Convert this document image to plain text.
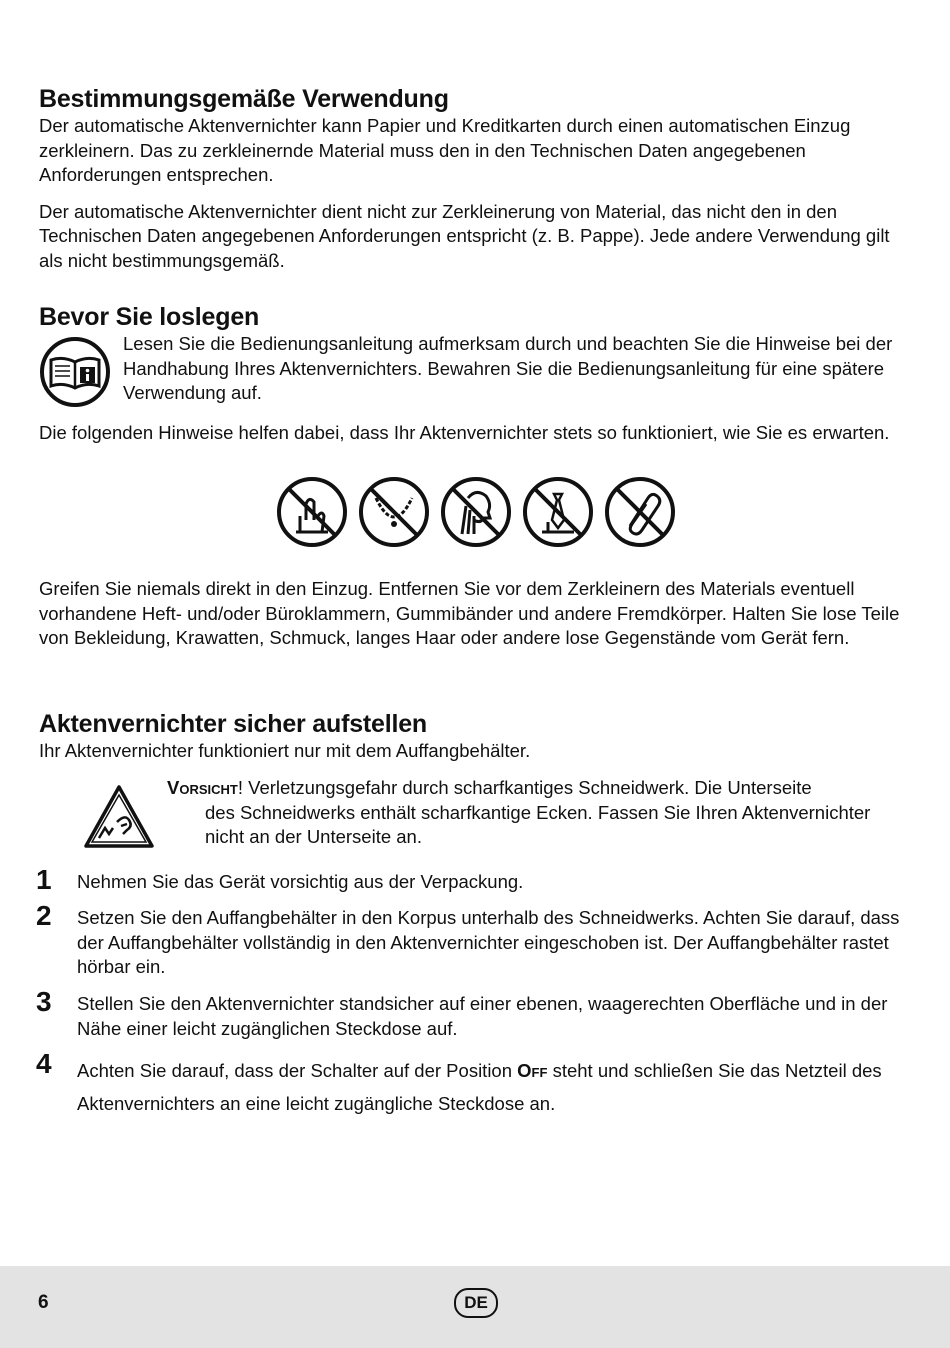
Bestimmungsgemäße Verwendung

Der automatische Aktenvernichter kann Papier und Kreditkarten durch einen automatischen Einzug zerkleinern. Das zu zerkleinernde Material muss den in den Technischen Daten angegebenen Anforderungen entsprechen.

Der automatische Aktenvernichter dient nicht zur Zerkleinerung von Material, das nicht den in den Technischen Daten angegebenen Anforderungen entspricht (z. B. Pappe). Jede andere Verwendung gilt als nicht bestimmungsgemäß.

Bevor Sie loslegen

Lesen Sie die Bedienungsanleitung aufmerksam durch und beachten Sie die Hinweise bei der Handhabung Ihres Aktenvernichters. Bewahren Sie die Bedienungsanleitung für eine spätere Verwendung auf.

Die folgenden Hinweise helfen dabei, dass Ihr Aktenvernichter stets so funktioniert, wie Sie es erwarten.

Greifen Sie niemals direkt in den Einzug. Entfernen Sie vor dem Zerkleinern des Materials eventuell vorhandene Heft- und/oder Büroklammern, Gummibänder und andere Fremdkörper. Halten Sie lose Teile von Bekleidung, Krawatten, Schmuck, langes Haar oder andere lose Gegenstände vom Gerät fern.

Aktenvernichter sicher aufstellen

Ihr Aktenvernichter funktioniert nur mit dem Auffangbehälter.

Vorsicht! Verletzungsgefahr durch scharfkantiges Schneidwerk. Die Unterseite
des Schneidwerks enthält scharfkantige Ecken. Fassen Sie Ihren Aktenvernichter nicht an der Unterseite an.

1 Nehmen Sie das Gerät vorsichtig aus der Verpackung.

2 Setzen Sie den Auffangbehälter in den Korpus unterhalb des Schneidwerks. Achten Sie darauf, dass der Auffangbehälter vollständig in den Aktenvernichter eingeschoben ist. Der Auffangbehälter rastet hörbar ein.

3 Stellen Sie den Aktenvernichter standsicher auf einer ebenen, waagerechten Oberfläche und in der Nähe einer leicht zugänglichen Steckdose auf.

4 Achten Sie darauf, dass der Schalter auf der Position Off steht und schließen Sie das Netzteil des Aktenvernichters an eine leicht zugängliche Steckdose an.

6	DE
